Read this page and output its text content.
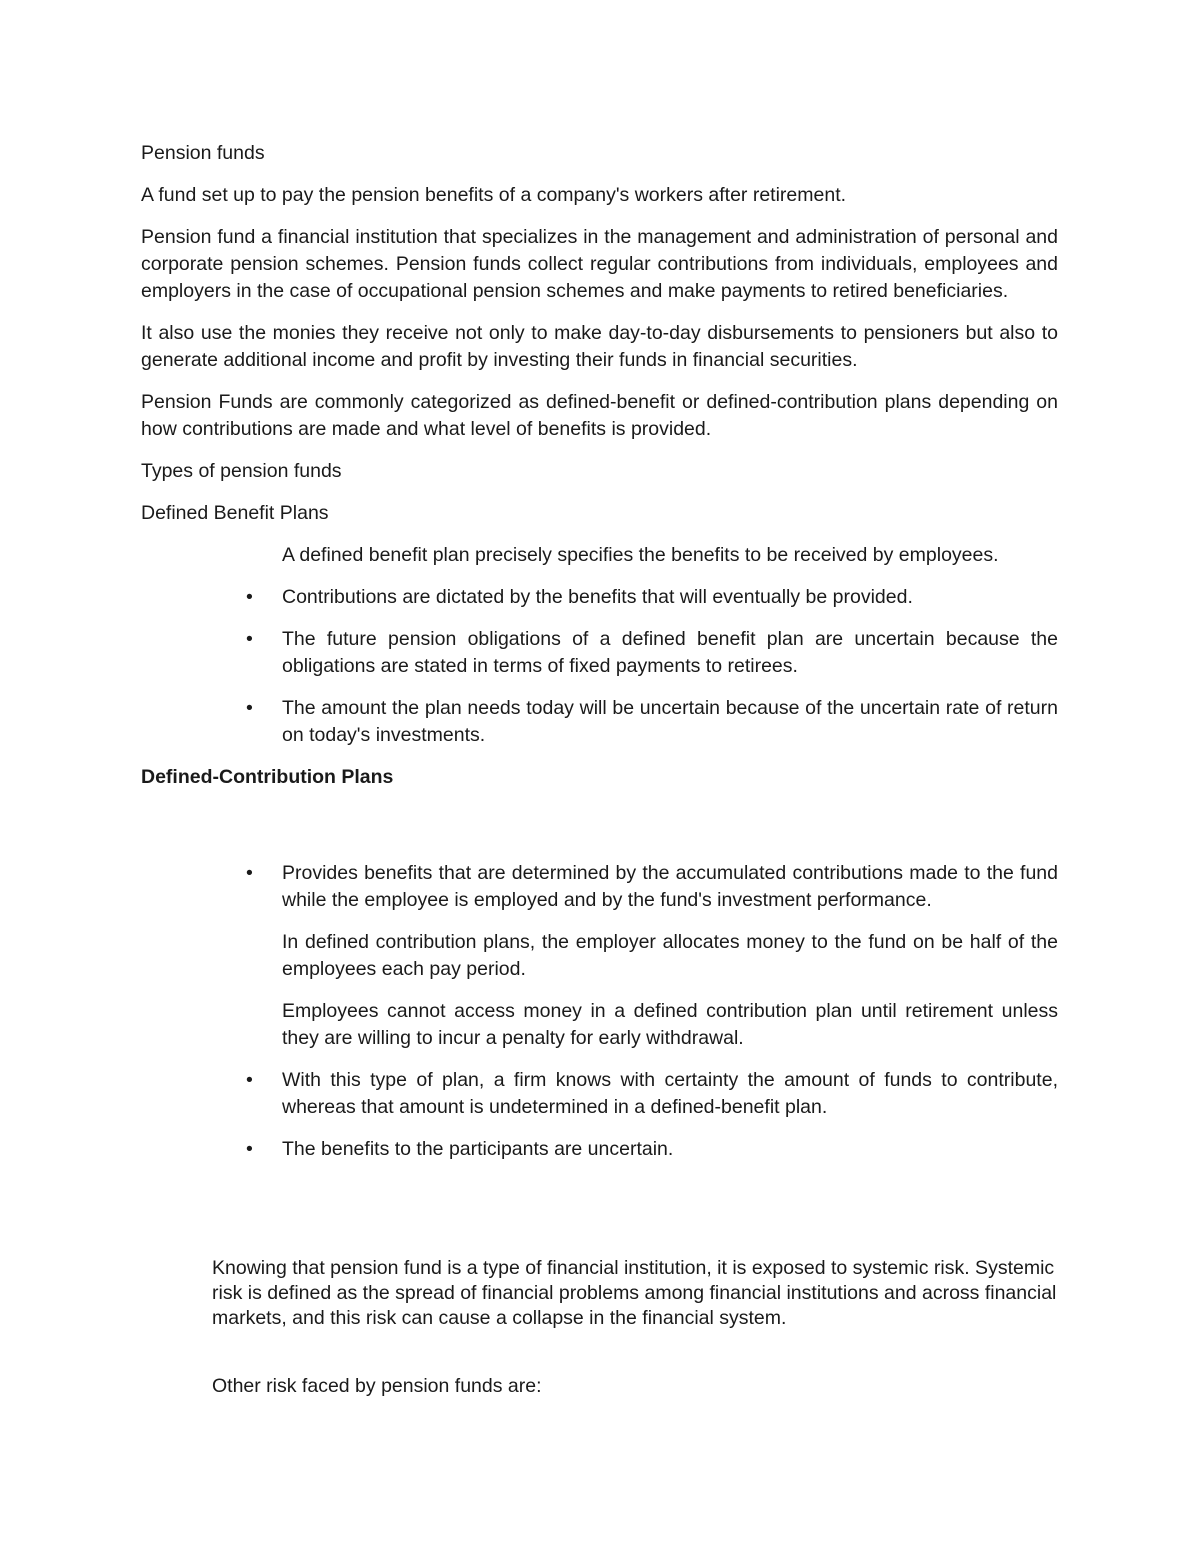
Pension funds

A fund set up to pay the pension benefits of a company's workers after retirement.

Pension fund a financial institution that specializes in the management and administration of personal and corporate pension schemes. Pension funds collect regular contributions from individuals, employees and employers in the case of occupational pension schemes and make payments to retired beneficiaries.

It also use the monies they receive not only to make day-to-day disbursements to pensioners but also to generate additional income and profit by investing their funds in financial securities.

Pension Funds are commonly categorized as defined-benefit or defined-contribution plans depending on how contributions are made and what level of benefits is provided.

Types of pension funds

Defined Benefit Plans

A defined benefit plan precisely specifies the benefits to be received by employees.

• Contributions are dictated by the benefits that will eventually be provided.
• The future pension obligations of a defined benefit plan are uncertain because the obligations are stated in terms of fixed payments to retirees.
• The amount the plan needs today will be uncertain because of the uncertain rate of return on today's investments.

Defined-Contribution Plans

• Provides benefits that are determined by the accumulated contributions made to the fund while the employee is employed and by the fund's investment performance.

In defined contribution plans, the employer allocates money to the fund on be half of the employees each pay period.

Employees cannot access money in a defined contribution plan until retirement unless they are willing to incur a penalty for early withdrawal.

• With this type of plan, a firm knows with certainty the amount of funds to contribute, whereas that amount is undetermined in a defined-benefit plan.
• The benefits to the participants are uncertain.

Knowing that pension fund is a type of financial institution, it is exposed to systemic risk. Systemic risk is defined as the spread of financial problems among financial institutions and across financial markets, and this risk can cause a collapse in the financial system.

Other risk faced by pension funds are:
